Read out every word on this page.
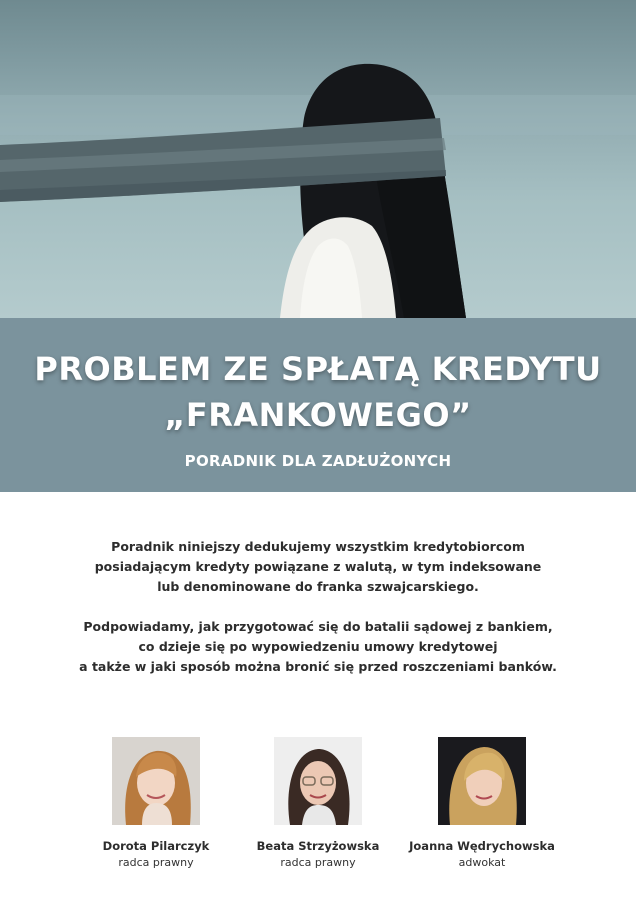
PROBLEM ZE SPŁATĄ KREDYTU
„FRANKOWEGO”
PORADNIK DLA ZADŁUŻONYCH

Poradnik niniejszy dedukujemy wszystkim kredytobiorcom
posiadającym kredyty powiązane z walutą, w tym indeksowane
lub denominowane do franka szwajcarskiego.

Podpowiadamy, jak przygotować się do batalii sądowej z bankiem,
co dzieje się po wypowiedzeniu umowy kredytowej
a także w jaki sposób można bronić się przed roszczeniami banków.

Dorota Pilarczyk
radca prawny
Beata Strzyżowska
radca prawny
Joanna Wędrychowska
adwokat
